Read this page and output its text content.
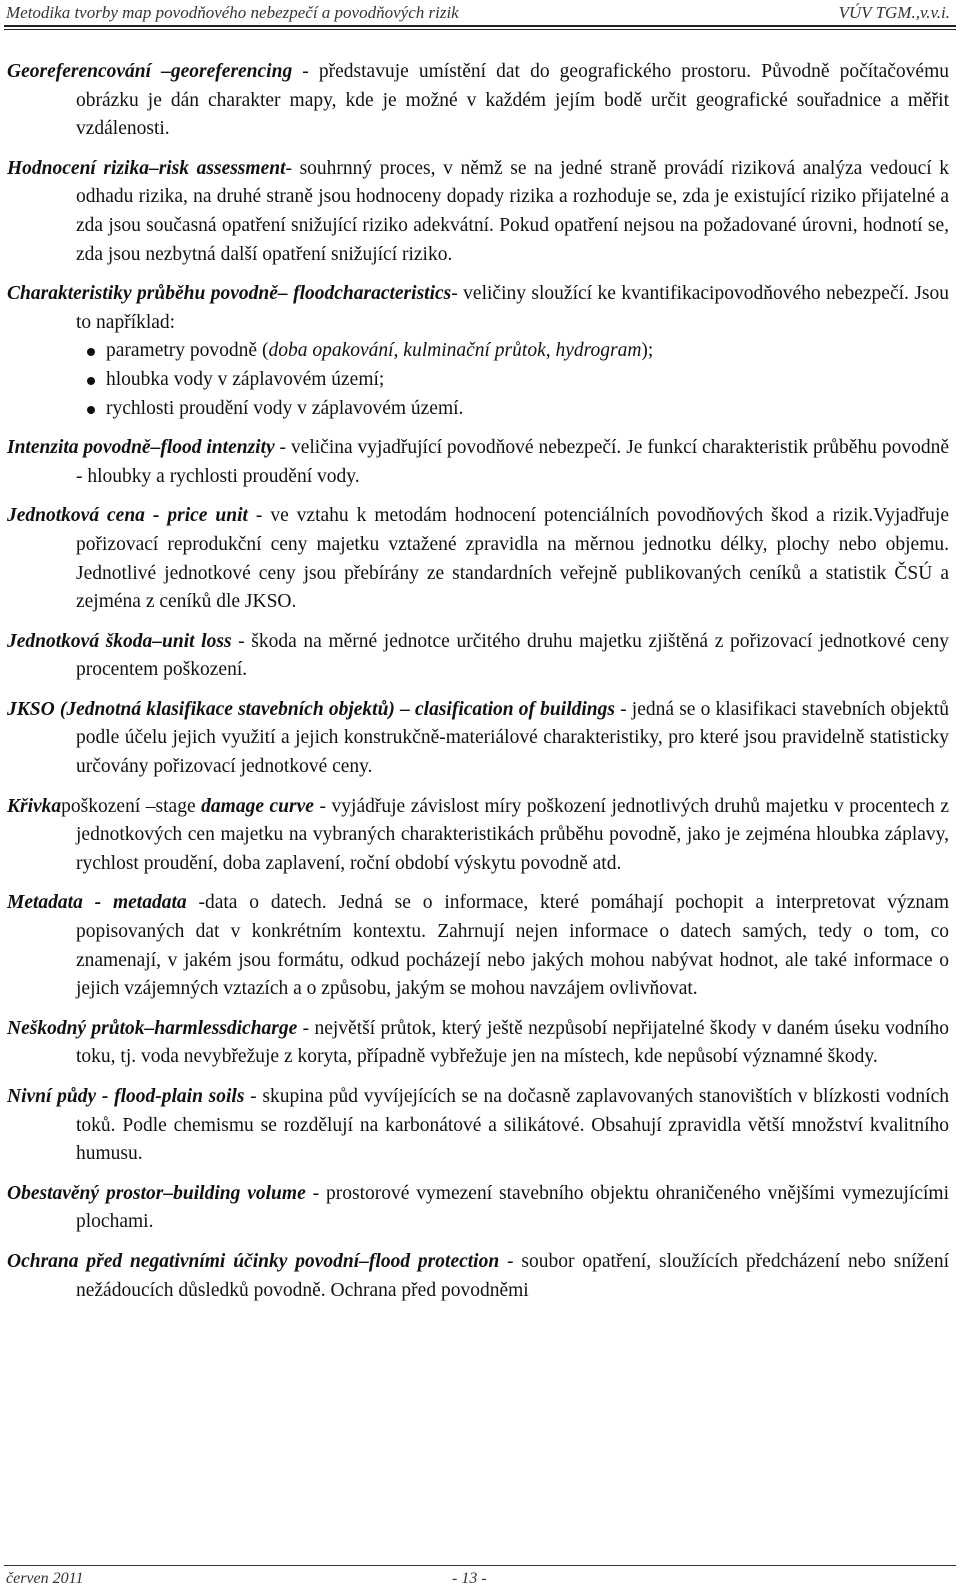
Metodika tvorby map povodňového nebezpečí a povodňových rizik	VÚV TGM.,v.v.i.

Georeferencování –georeferencing - představuje umístění dat do geografického prostoru. Původně počítačovému obrázku je dán charakter mapy, kde je možné v každém jejím bodě určit geografické souřadnice a měřit vzdálenosti.

Hodnocení rizika–risk assessment- souhrnný proces, v němž se na jedné straně provádí riziková analýza vedoucí k odhadu rizika, na druhé straně jsou hodnoceny dopady rizika a rozhoduje se, zda je existující riziko přijatelné a zda jsou současná opatření snižující riziko adekvátní. Pokud opatření nejsou na požadované úrovni, hodnotí se, zda jsou nezbytná další opatření snižující riziko.

Charakteristiky průběhu povodně– floodcharacteristics- veličiny sloužící ke kvantifikacipovodňového nebezpečí. Jsou to například:

parametry povodně (doba opakování, kulminační průtok, hydrogram);
hloubka vody v záplavovém území;
rychlosti proudění vody v záplavovém území.

Intenzita povodně–flood intenzity - veličina vyjadřující povodňové nebezpečí. Je funkcí charakteristik průběhu povodně - hloubky a rychlosti proudění vody.

Jednotková cena - price unit - ve vztahu k metodám hodnocení potenciálních povodňových škod a rizik.Vyjadřuje pořizovací reprodukční ceny majetku vztažené zpravidla na měrnou jednotku délky, plochy nebo objemu. Jednotlivé jednotkové ceny jsou přebírány ze standardních veřejně publikovaných ceníků a statistik ČSÚ a zejména z ceníků dle JKSO.

Jednotková škoda–unit loss - škoda na měrné jednotce určitého druhu majetku zjištěná z pořizovací jednotkové ceny procentem poškození.

JKSO (Jednotná klasifikace stavebních objektů) – clasification of buildings - jedná se o klasifikaci stavebních objektů podle účelu jejich využití a jejich konstrukčně-materiálové charakteristiky, pro které jsou pravidelně statisticky určovány pořizovací jednotkové ceny.

Křivkapoškození –stage damage curve - vyjádřuje závislost míry poškození jednotlivých druhů majetku v procentech z jednotkových cen majetku na vybraných charakteristikách průběhu povodně, jako je zejména hloubka záplavy, rychlost proudění, doba zaplavení, roční období výskytu povodně atd.

Metadata - metadata -data o datech. Jedná se o informace, které pomáhají pochopit a interpretovat význam popisovaných dat v konkrétním kontextu. Zahrnují nejen informace o datech samých, tedy o tom, co znamenají, v jakém jsou formátu, odkud pocházejí nebo jakých mohou nabývat hodnot, ale také informace o jejich vzájemných vztazích a o způsobu, jakým se mohou navzájem ovlivňovat.

Neškodný průtok–harmlessdicharge - největší průtok, který ještě nezpůsobí nepřijatelné škody v daném úseku vodního toku, tj. voda nevybřežuje z koryta, případně vybřežuje jen na místech, kde nepůsobí významné škody.

Nivní půdy - flood-plain soils - skupina půd vyvíjejících se na dočasně zaplavovaných stanovištích v blízkosti vodních toků. Podle chemismu se rozdělují na karbonátové a silikátové. Obsahují zpravidla větší množství kvalitního humusu.

Obestavěný prostor–building volume - prostorové vymezení stavebního objektu ohraničeného vnějšími vymezujícími plochami.

Ochrana před negativními účinky povodní–flood protection - soubor opatření, sloužících předcházení nebo snížení nežádoucích důsledků povodně. Ochrana před povodněmi

červen 2011	- 13 -
